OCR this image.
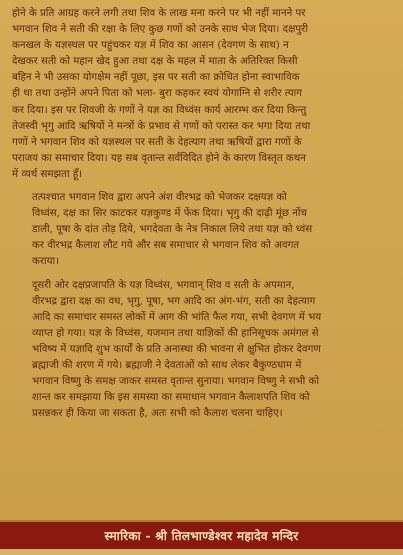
होने के प्रति आग्रह करने लगी तथा शिव के लाख मना करने पर भी नहीं मानने पर
भगवान शिव ने सती की रक्षा के लिए कुछ गणों को उनके साथ भेज दिया। दक्षपुरी
कनखल के यज्ञस्थल पर पहुंचकर यज्ञ में शिव का आसन (देवगण के साथ) न
देखकर सती को महान खेद हुआ तथा दक्ष के महल में माता के अतिरिक्त किसी
बहिन ने भी उसका योगक्षेम नहीं पूछा, इस पर सती का क्रोधित होना स्वाभाविक
ही था तथा उन्होंने अपने पिता को भला- बुरा कहकर स्वयं योगाग्नि से शरीर त्याग
कर दिया। इस पर शिवजी के गणों ने यज्ञ का विध्वंस कार्य आरम्भ कर दिया किन्तु
तेजस्वी भृगु आदि ऋषियों ने मन्त्रों के प्रभाव से गणों को परास्त कर भगा दिया तथा
गणों ने भगवान शिव को यज्ञस्थल पर सती के देहत्याग तथा ऋषियों द्वारा गणों के
पराजय का समाचार दिया। यह सब वृतान्त सर्वविदित होने के कारण विस्तृत कथन
में व्यर्थ समझता हूँ।

तत्पश्चात भगवान शिव द्वारा अपने अंश वीरभद्र को भेजकर दक्षयज्ञ को
विध्वंस, दक्ष का सिर काटकर यज्ञकुण्ड में फेंक दिया। भृगु की दाढ़ी मूंछ नोंच
डाली, पूषा के दांत तोड़ दिये, भगदेवता के नेत्र निकाल लिये तथा यज्ञ को ध्वंस
कर वीरभद्र कैलाश लौट गये और सब समाचार से भगवान शिव को अवगत
कराया।

दूसरी ओर दक्षप्रजापति के यज्ञ विध्वंस, भगवान् शिव व सती के अपमान,
वीरभद्र द्वारा दक्ष का वध, भृगु, पूषा, भग आदि का अंग-भंग, सती का देहत्याग
आदि का समाचार समस्त लोकों में आग की भांति फैल गया, सभी देवगण में भय
व्याप्त हो गया। यज्ञ के विध्वंस, यजमान तथा याज्ञिकों की हानिसूचक अमंगल से
भविष्य में यज्ञादि शुभ कार्यों के प्रति अनास्था की भावना से क्षुभित होकर देवगण
ब्रह्माजी की शरण में गये। ब्रह्माजी ने देवताओं को साथ लेकर बैकुण्ठधाम में
भगवान विष्णु के समक्ष जाकर समस्त वृतान्त सुनाया। भगवान विष्णु ने सभी को
शान्त कर समझाया कि इस समस्या का समाधान भगवान कैलाशपति शिव को
प्रसन्नकर ही किया जा सकता है, अतः सभी को कैलाश चलना चाहिए।

स्मारिका - श्री तिलभाण्डेश्वर महादेव मन्दिर
